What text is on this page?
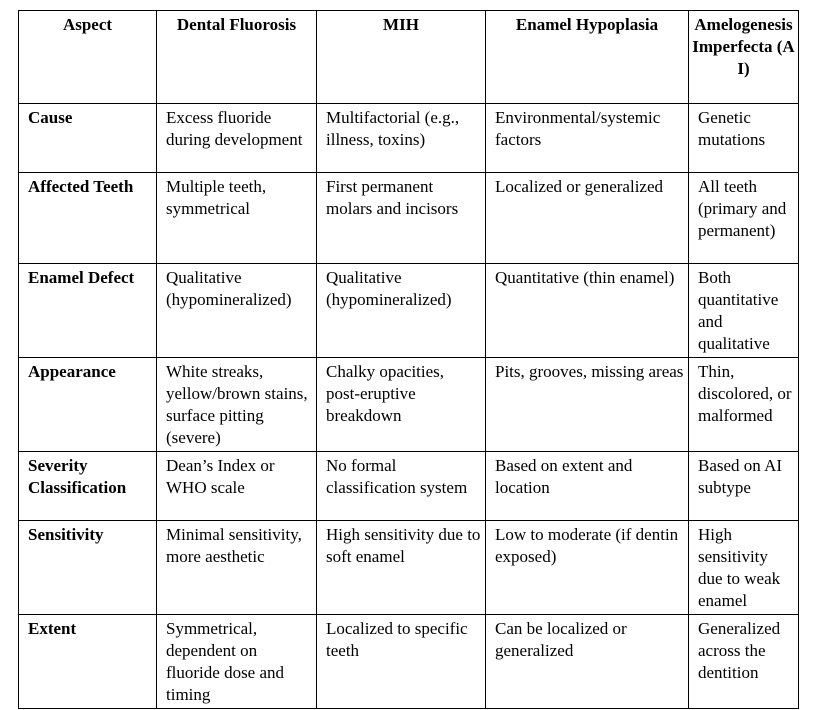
Aspect	Dental Fluorosis	MIH	Enamel Hypoplasia	Amelogenesis Imperfecta (AI)
Cause	Excess fluoride during development	Multifactorial (e.g., illness, toxins)	Environmental/systemic factors	Genetic mutations
Affected Teeth	Multiple teeth, symmetrical	First permanent molars and incisors	Localized or generalized	All teeth (primary and permanent)
Enamel Defect	Qualitative (hypomineralized)	Qualitative (hypomineralized)	Quantitative (thin enamel)	Both quantitative and qualitative
Appearance	White streaks, yellow/brown stains, surface pitting (severe)	Chalky opacities, post-eruptive breakdown	Pits, grooves, missing areas	Thin, discolored, or malformed
Severity Classification	Dean’s Index or WHO scale	No formal classification system	Based on extent and location	Based on AI subtype
Sensitivity	Minimal sensitivity, more aesthetic	High sensitivity due to soft enamel	Low to moderate (if dentin exposed)	High sensitivity due to weak enamel
Extent	Symmetrical, dependent on fluoride dose and timing	Localized to specific teeth	Can be localized or generalized	Generalized across the dentition
